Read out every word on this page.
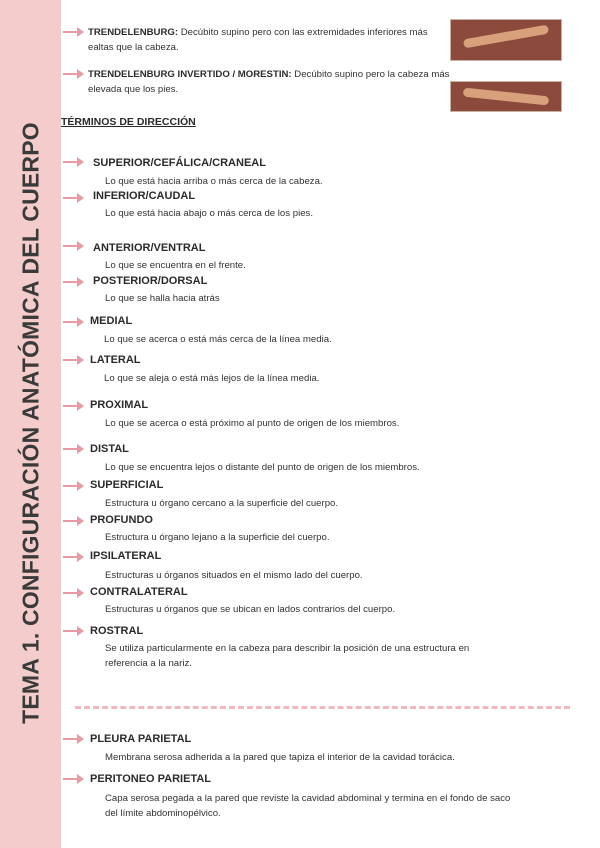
TEMA 1. CONFIGURACIÓN ANATÓMICA DEL CUERPO
TRENDELENBURG: Decúbito supino pero con las extremidades inferiores más
ealtas que la cabeza.
TRENDELENBURG INVERTIDO / MORESTIN: Decúbito supino pero la cabeza más
elevada que los pies.
TÉRMINOS DE DIRECCIÓN
SUPERIOR/CEFÁLICA/CRANEAL
Lo que está hacia arriba o más cerca de la cabeza.
INFERIOR/CAUDAL
Lo que está hacia abajo o más cerca de los pies.
ANTERIOR/VENTRAL
Lo que se encuentra en el frente.
POSTERIOR/DORSAL
Lo que se halla hacia atrás
MEDIAL
Lo que se acerca o está más cerca de la línea media.
LATERAL
Lo que se aleja o está más lejos de la línea media.
PROXIMAL
Lo que se acerca o está próximo al punto de origen de los miembros.
DISTAL
Lo que se encuentra lejos o distante del punto de origen de los miembros.
SUPERFICIAL
Estructura u órgano cercano a la superficie del cuerpo.
PROFUNDO
Estructura u órgano lejano a la superficie del cuerpo.
IPSILATERAL
Estructuras u órganos situados en el mismo lado del cuerpo.
CONTRALATERAL
Estructuras u órganos que se ubican en lados contrarios del cuerpo.
ROSTRAL
Se utiliza particularmente en la cabeza para describir la posición de una estructura en
referencia a la nariz.
PLEURA PARIETAL
Membrana serosa adherida a la pared que tapiza el interior de la cavidad torácica.
PERITONEO PARIETAL
Capa serosa pegada a la pared que reviste la cavidad abdominal y termina en el fondo de saco
del límite abdominopélvico.
